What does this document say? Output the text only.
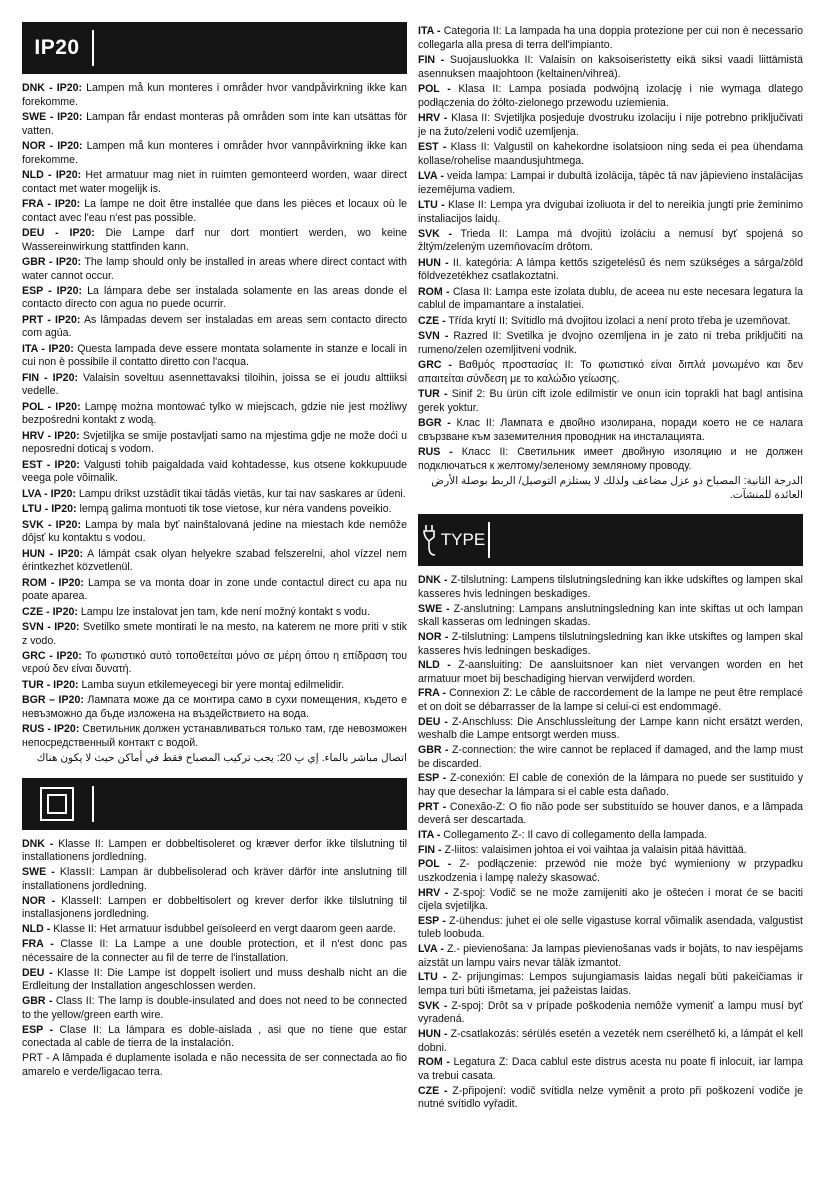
IP20

DNK - IP20: Lampen må kun monteres i områder hvor vandpåvirkning ikke kan forekomme.

SWE - IP20: Lampan får endast monteras på områden som inte kan utsättas för vatten.

NOR - IP20: Lampen må kun monteres i områder hvor vannpåvirkning ikke kan forekomme.

NLD - IP20: Het armatuur mag niet in ruimten gemonteerd worden, waar direct contact met water mogelijk is.

FRA - IP20: La lampe ne doit être installée que dans les pièces et locaux où le contact avec l'eau n'est pas possible.

DEU - IP20: Die Lampe darf nur dort montiert werden, wo keine Wassereinwirkung stattfinden kann.

GBR - IP20: The lamp should only be installed in areas where direct contact with water cannot occur.

ESP - IP20: La lámpara debe ser instalada solamente en las areas donde el contacto directo con agua no puede ocurrir.

PRT - IP20: As lâmpadas devem ser instaladas em areas sem contacto directo com agúa.

ITA - IP20: Questa lampada deve essere montata solamente in stanze e locali in cui non è possibile il contatto diretto con l'acqua.

FIN - IP20: Valaisin soveltuu asennettavaksi tiloihin, joissa se ei joudu alttiiksi vedelle.

POL - IP20: Lampę można montować tylko w miejscach, gdzie nie jest możliwy bezpośredni kontakt z wodą.

HRV - IP20: Svjetiljka se smije postavljati samo na mjestima gdje ne može doći u neposredni doticaj s vodom.

EST - IP20: Valgusti tohib paigaldada vaid kohtadesse, kus otsene kokkupuude veega pole võimalik.

LVA - IP20: Lampu drīkst uzstādīt tikai tādās vietās, kur tai nav saskares ar ūdeni.

LTU - IP20: lempą galima montuoti tik tose vietose, kur nėra vandens poveikio.

SVK - IP20: Lampa by mala byť nainštalovaná jedine na miestach kde nemôže dôjsť ku kontaktu s vodou.

HUN - IP20: A lámpát csak olyan helyekre szabad felszerelni, ahol vízzel nem érintkezhet közvetlenül.

ROM - IP20: Lampa se va monta doar in zone unde contactul direct cu apa nu poate aparea.

CZE - IP20: Lampu lze instalovat jen tam, kde není možný kontakt s vodu.

SVN - IP20: Svetilko smete montirati le na mesto, na katerem ne more priti v stik z vodo.

GRC - IP20: Το φωτιστικό αυτό τοποθετείται μόνο σε μέρη όπου η επίδραση του νερού δεν είναι δυνατή.

TUR - IP20: Lamba suyun etkilemeyecegi bir yere montaj edilmelidir.

BGR – IP20: Лампата може да се монтира само в сухи помещения, където е невъзможно да бъде изложена на въздействието на вода.

RUS - IP20: Светильник должен устанавливаться только там, где невозможен непосредственный контакт с водой.

اتصال مباشر بالماء. إي پ 20: يجب تركيب المصباح فقط في أماكن حيث لا يكون هناك

DNK - Klasse II: Lampen er dobbeltisoleret og kræver derfor ikke tilslutning til installationens jordledning.

SWE - KlassII: Lampan är dubbelisolerad och kräver därför inte anslutning till installationens jordledning.

NOR - KlasseII: Lampen er dobbeltisolert og krever derfor ikke tilslutning til installasjonens jordledning.

NLD - Klasse II: Het armatuur isdubbel geïsoleerd en vergt daarom geen aarde.

FRA - Classe II: La Lampe a une double protection, et il n'est donc pas nécessaire de la connecter au fil de terre de l'installation.

DEU - Klasse II: Die Lampe ist doppelt isoliert und muss deshalb nicht an die Erdleitung der Installation angeschlossen werden.

GBR - Class II: The lamp is double-insulated and does not need to be connected to the yellow/green earth wire.

ESP - Clase II: La lámpara es doble-aislada , asi que no tiene que estar conectada al cable de tierra de la instalación.

PRT - A lâmpada é duplamente isolada e não necessita de ser connectada ao fio amarelo e verde/ligacao terra.

ITA - Categoria II: La lampada ha una doppia protezione per cui non è necessario collegarla alla presa di terra dell'impianto.

FIN - Suojausluokka II: Valaisin on kaksoiseristetty eikä siksi vaadi liittämistä asennuksen maajohtoon (keltainen/vihreä).

POL - Klasa II: Lampa posiada podwójną izolację i nie wymaga dlatego podłączenia do żółto-zielonego przewodu uziemienia.

HRV - Klasa II: Svjetiljka posjeduje dvostruku izolaciju i nije potrebno priključivati je na žuto/zeleni vodič uzemljenja.

EST - Klass II: Valgustil on kahekordne isolatsioon ning seda ei pea ühendama kollase/rohelise maandusjuhtmega.

LVA - veida lampa: Lampai ir dubultā izolācija, tāpēc tā nav jāpievieno instalācijas iezemējuma vadiem.

LTU - Klase II: Lempa yra dvigubai izoliuota ir del to nereikia jungti prie žeminimo instaliacijos laidų.

SVK - Trieda II: Lampa má dvojitú izoláciu a nemusí byť spojená so žltým/zeleným uzemňovacím drôtom.

HUN - II. kategória: A lámpa kettős szigetelésű és nem szükséges a sárga/zöld földvezetékhez csatlakoztatni.

ROM - Clasa II: Lampa este izolata dublu, de aceea nu este necesara legatura la cablul de impamantare a instalatiei.

CZE - Třída krytí II: Svítidlo má dvojitou izolaci a není proto třeba je uzemňovat.

SVN - Razred II: Svetilka je dvojno ozemljena in je zato ni treba priključiti na rumeno/zelen ozemljitveni vodnik.

GRC - Βαθμός προστασίας II: Το φωτιστικό είναι διπλά μονωμένο και δεν απαιτείται σύνδεση με το καλώδιο γείωσης.

TUR - Sinif 2: Bu ürün cift izole edilmistir ve onun icin toprakli hat bagl antisina gerek yoktur.

BGR - Клас II: Лампата е двойно изолирана, поради което не се налага свързване към заземителния проводник на инсталацията.

RUS - Класс II: Светильник имеет двойную изоляцию и не должен подключаться к желтому/зеленому земляному проводу.

الدرجة الثانية: المصباح ذو عزل مضاعف ولذلك لا يستلزم التوصيل/ الربط بوصلة الأرض العائدة للمنشآت.

TYPE

DNK - Z-tilslutning: Lampens tilslutningsledning kan ikke udskiftes og lampen skal kasseres hvis ledningen beskadiges.

SWE - Z-anslutning: Lampans anslutningsledning kan inte skiftas ut och lampan skall kasseras om ledningen skadas.

NOR - Z-tilslutning: Lampens tilslutningsledning kan ikke utskiftes og lampen skal kasseres hvis ledningen beskadiges.

NLD - Z-aansluiting: De aansluitsnoer kan niet vervangen worden en het armatuur moet bij beschadiging hiervan verwijderd worden.

FRA - Connexion Z: Le câble de raccordement de la lampe ne peut être remplacé et on doit se débarrasser de la lampe si celui-ci est endommagé.

DEU - Z-Anschluss: Die Anschlussleitung der Lampe kann nicht ersätzt werden, weshalb die Lampe entsorgt werden muss.

GBR - Z-connection: the wire cannot be replaced if damaged, and the lamp must be discarded.

ESP - Z-conexión: El cable de conexión de la lámpara no puede ser sustituido y hay que desechar la lámpara si el cable esta dañado.

PRT - Conexão-Z: O fio não pode ser substituído se houver danos, e a lâmpada deverá ser descartada.

ITA - Collegamento Z-: Il cavo di collegamento della lampada.

FIN - Z-liitos: valaisimen johtoa ei voi vaihtaa ja valaisin pitää hävittää.

POL - Z- podłączenie: przewód nie może być wymieniony w przypadku uszkodzenia i lampę należy skasować.

HRV - Z-spoj: Vodič se ne može zamijeniti ako je oštećen i morat će se baciti cijela svjetiljka.

ESP - Z-ühendus: juhet ei ole selle vigastuse korral võimalik asendada, valgustist tuleb loobuda.

LVA - Z.- pievienošana: Ja lampas pievienošanas vads ir bojāts, to nav iespējams aizstāt un lampu vairs nevar tālāk izmantot.

LTU - Z- prijungimas: Lempos sujungiamasis laidas negali būti pakeičiamas ir lempa turi būti išmetama, jei pažeistas laidas.

SVK - Z-spoj: Drôt sa v prípade poškodenia nemôže vymeniť a lampu musí byť vyradená.

HUN - Z-csatlakozás: sérülés esetén a vezeték nem cserélhető ki, a lámpát el kell dobni.

ROM - Legatura Z: Daca cablul este distrus acesta nu poate fi inlocuit, iar lampa va trebui casata.

CZE - Z-připojení: vodič svítidla nelze vyměnit a proto při poškození vodiče je nutné svítidlo vyřadit.
